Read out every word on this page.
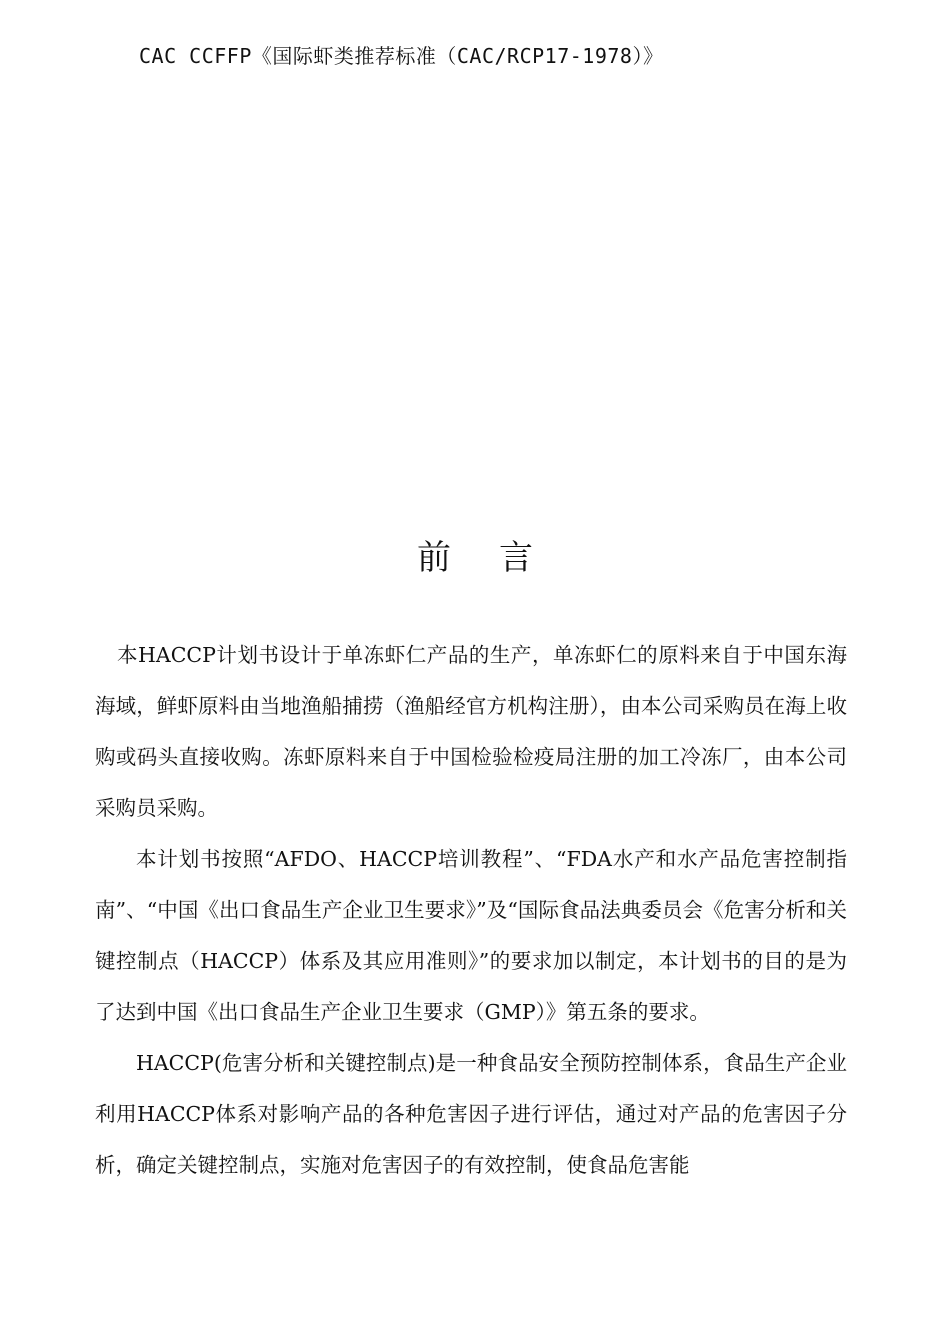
CAC CCFFP《国际虾类推荐标准（CAC/RCP17-1978）》
前言

本HACCP计划书设计于单冻虾仁产品的生产，单冻虾仁的原料来自于中国东海海域，鲜虾原料由当地渔船捕捞（渔船经官方机构注册），由本公司采购员在海上收购或码头直接收购。冻虾原料来自于中国检验检疫局注册的加工冷冻厂，由本公司采购员采购。

本计划书按照“AFDO、HACCP培训教程”、“FDA水产和水产品危害控制指南”、“中国《出口食品生产企业卫生要求》”及“国际食品法典委员会《危害分析和关键控制点（HACCP）体系及其应用准则》”的要求加以制定，本计划书的目的是为了达到中国《出口食品生产企业卫生要求（GMP）》第五条的要求。

HACCP(危害分析和关键控制点)是一种食品安全预防控制体系，食品生产企业利用HACCP体系对影响产品的各种危害因子进行评估，通过对产品的危害因子分析，确定关键控制点，实施对危害因子的有效控制，使食品危害能
